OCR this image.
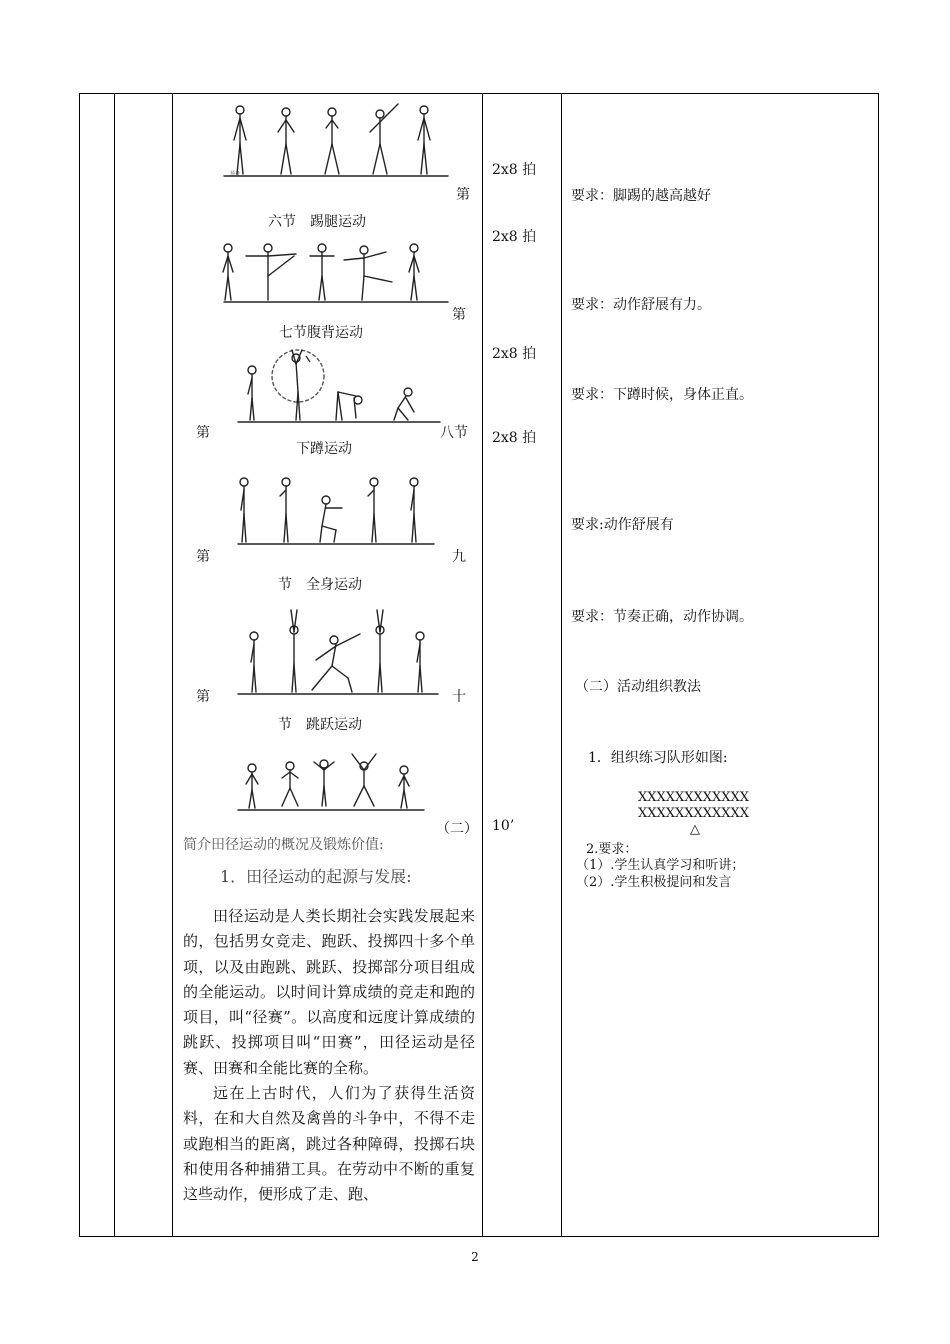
预备
第
六节　踢腿运动
第
七节腹背运动
第	八节
下蹲运动
第	九
节　全身运动
第	十
节　跳跃运动
（二）
简介田径运动的概况及锻炼价值:
1．田径运动的起源与发展:

田径运动是人类长期社会实践发展起来的，包括男女竞走、跑跃、投掷四十多个单项，以及由跑跳、跳跃、投掷部分项目组成的全能运动。以时间计算成绩的竞走和跑的项目，叫“径赛”。以高度和远度计算成绩的跳跃、投掷项目叫“田赛”，田径运动是径赛、田赛和全能比赛的全称。

远在上古时代，人们为了获得生活资料，在和大自然及禽兽的斗争中，不得不走或跑相当的距离，跳过各种障碍，投掷石块和使用各种捕猎工具。在劳动中不断的重复这些动作，便形成了走、跑、

2x8 拍
2x8 拍
2x8 拍
2x8 拍
10’
要求：脚踢的越高越好
要求：动作舒展有力。
要求：下蹲时候，身体正直。
要求:动作舒展有
要求：节奏正确，动作协调。
（二）活动组织教法
1．组织练习队形如图:
XXXXXXXXXXXX
XXXXXXXXXXXX
△
2.要求：
（1）.学生认真学习和听讲；
（2）.学生积极提问和发言
2
